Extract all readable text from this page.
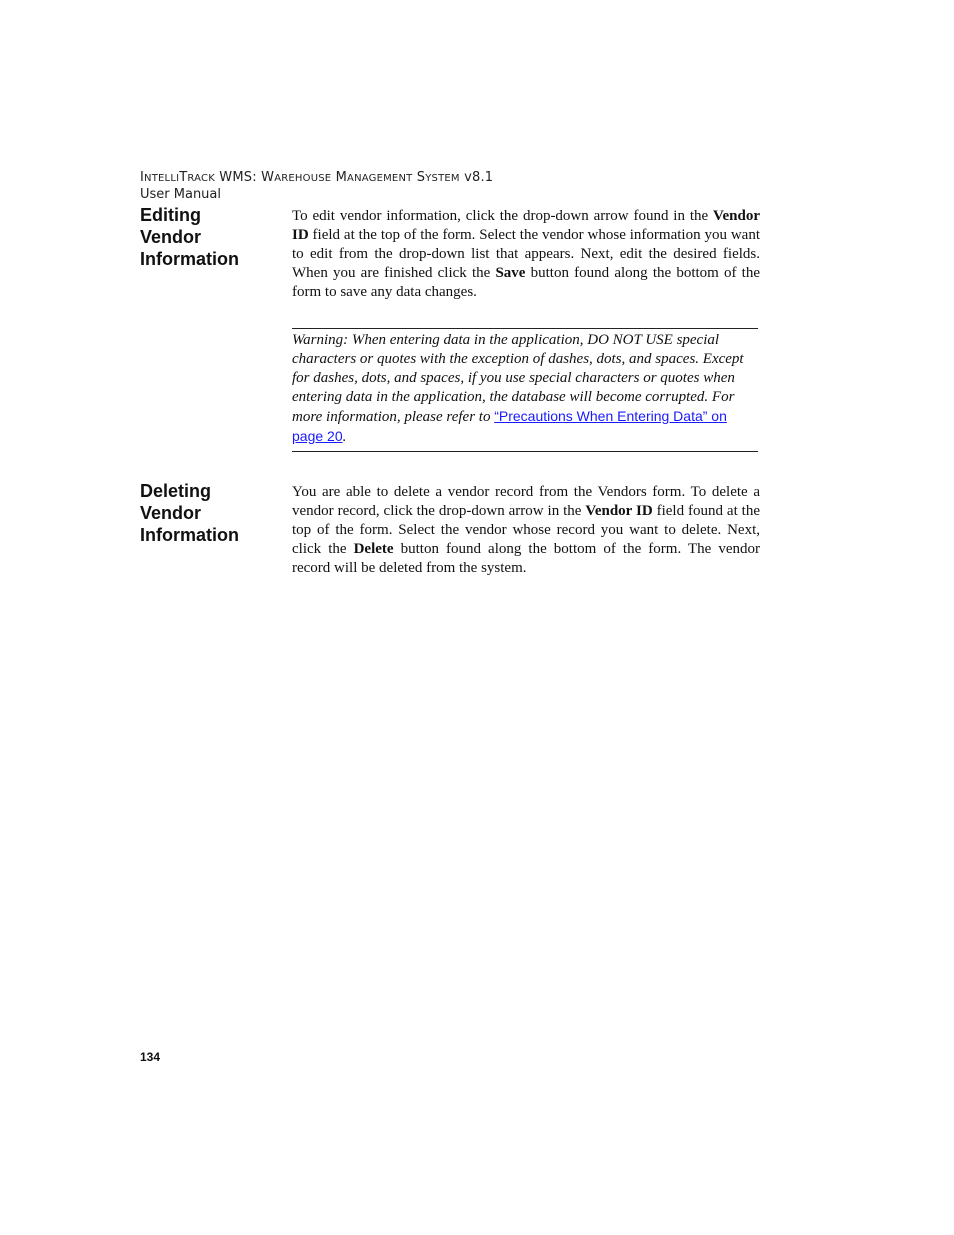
INTELLITRACK WMS: WAREHOUSE MANAGEMENT SYSTEM v8.1
User Manual
Editing
Vendor
Information

To edit vendor information, click the drop-down arrow found in the Vendor ID field at the top of the form. Select the vendor whose information you want to edit from the drop-down list that appears. Next, edit the desired fields. When you are finished click the Save button found along the bottom of the form to save any data changes.

Warning: When entering data in the application, DO NOT USE special characters or quotes with the exception of dashes, dots, and spaces. Except for dashes, dots, and spaces, if you use special characters or quotes when entering data in the application, the database will become corrupted. For more information, please refer to “Precautions When Entering Data” on page 20.

Deleting
Vendor
Information

You are able to delete a vendor record from the Vendors form. To delete a vendor record, click the drop-down arrow in the Vendor ID field found at the top of the form. Select the vendor whose record you want to delete. Next, click the Delete button found along the bottom of the form. The vendor record will be deleted from the system.

134
